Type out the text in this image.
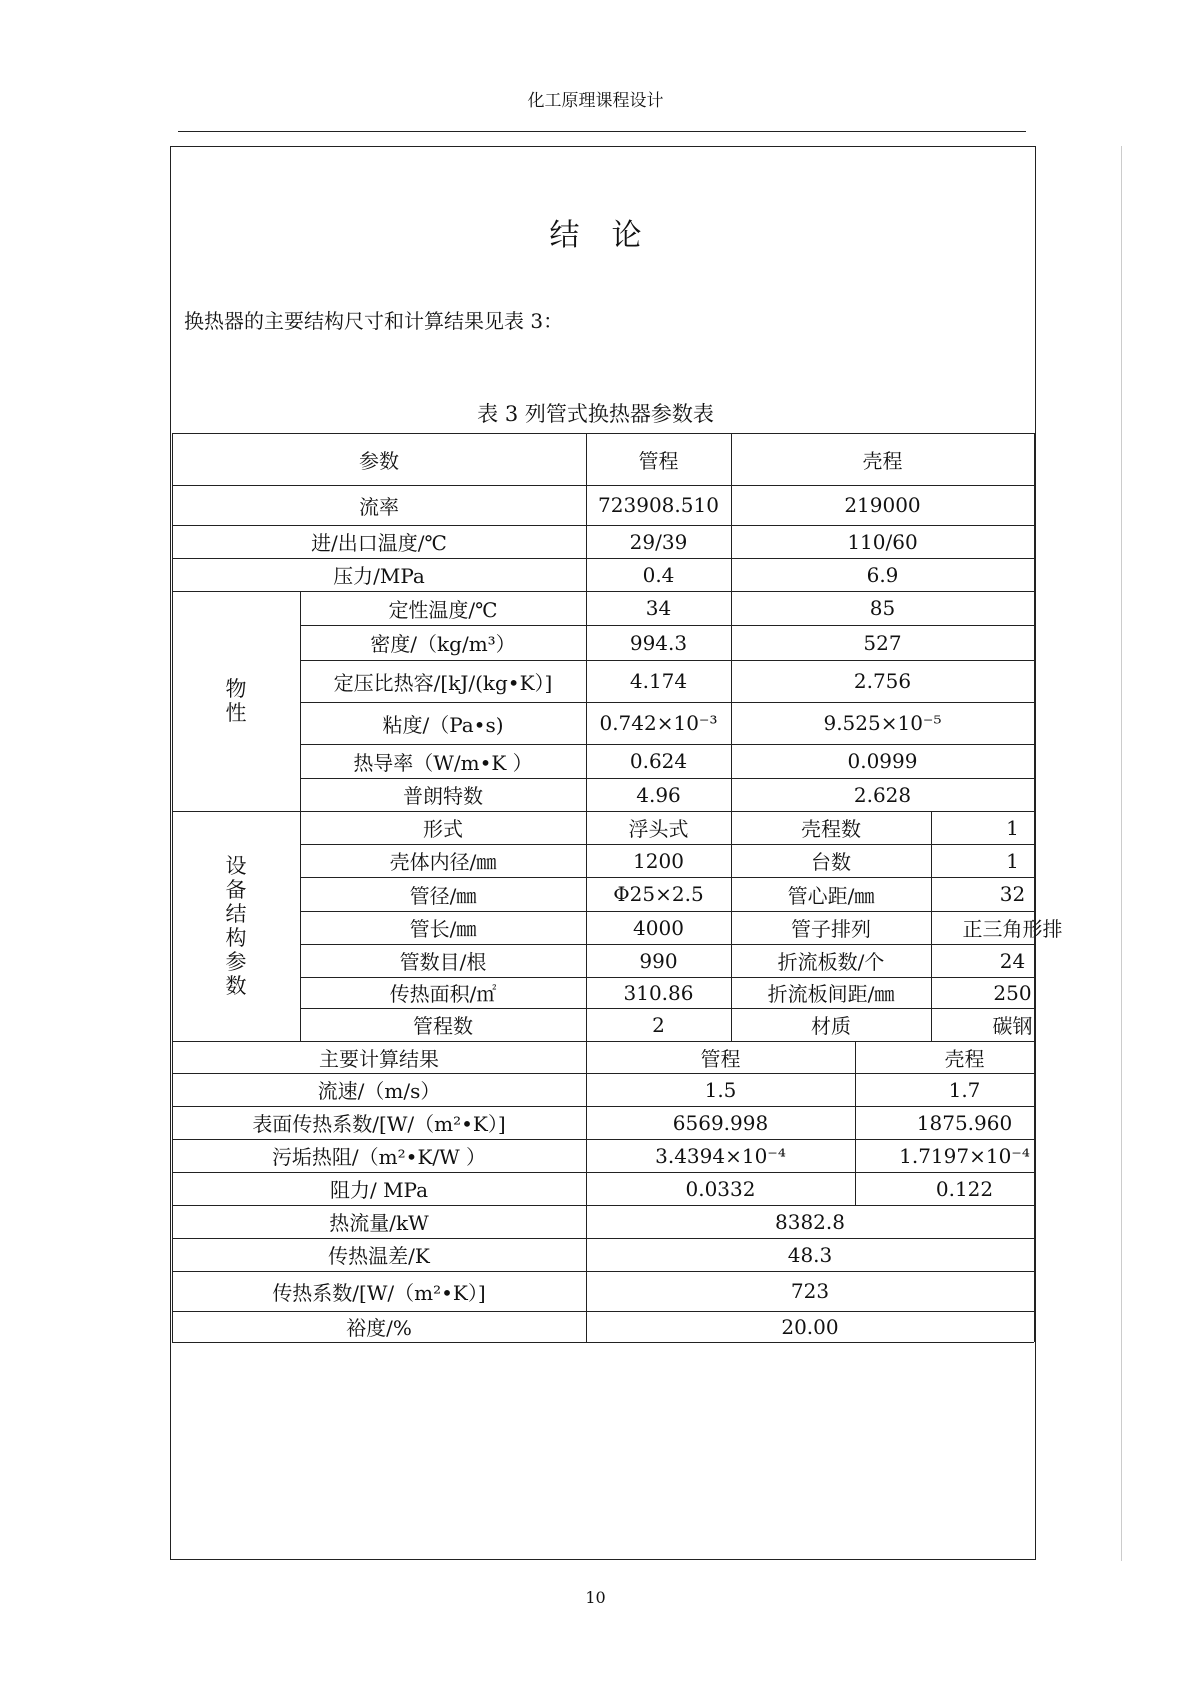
化工原理课程设计
结论
换热器的主要结构尺寸和计算结果见表 3：
表 3 列管式换热器参数表
参数	管程	壳程
流率	723908.510	219000
进/出口温度/℃	29/39	110/60
压力/MPa	0.4	6.9
定性温度/℃	34	85
密度/（kg/m³）	994.3	527
定压比热容/[kJ/(kg•K）]	4.174	2.756
粘度/（Pa•s)	0.742×10⁻³	9.525×10⁻⁵
热导率（W/m•K ）	0.624	0.0999
普朗特数	4.96	2.628
物
性
形式	浮头式	壳程数	1
壳体内径/㎜	1200	台数	1
管径/㎜	Φ25×2.5	管心距/㎜	32
管长/㎜	4000	管子排列	正三角形排
管数目/根	990	折流板数/个	24
传热面积/㎡	310.86	折流板间距/㎜	250
管程数	2	材质	碳钢
设
备
结
构
参
数
主要计算结果	管程	壳程
流速/（m/s）	1.5	1.7
表面传热系数/[W/（m²•K）]	6569.998	1875.960
污垢热阻/（m²•K/W ）	3.4394×10⁻⁴	1.7197×10⁻⁴
阻力/ MPa	0.0332	0.122
热流量/kW	8382.8
传热温差/K	48.3
传热系数/[W/（m²•K）]	723
裕度/%	20.00
10
